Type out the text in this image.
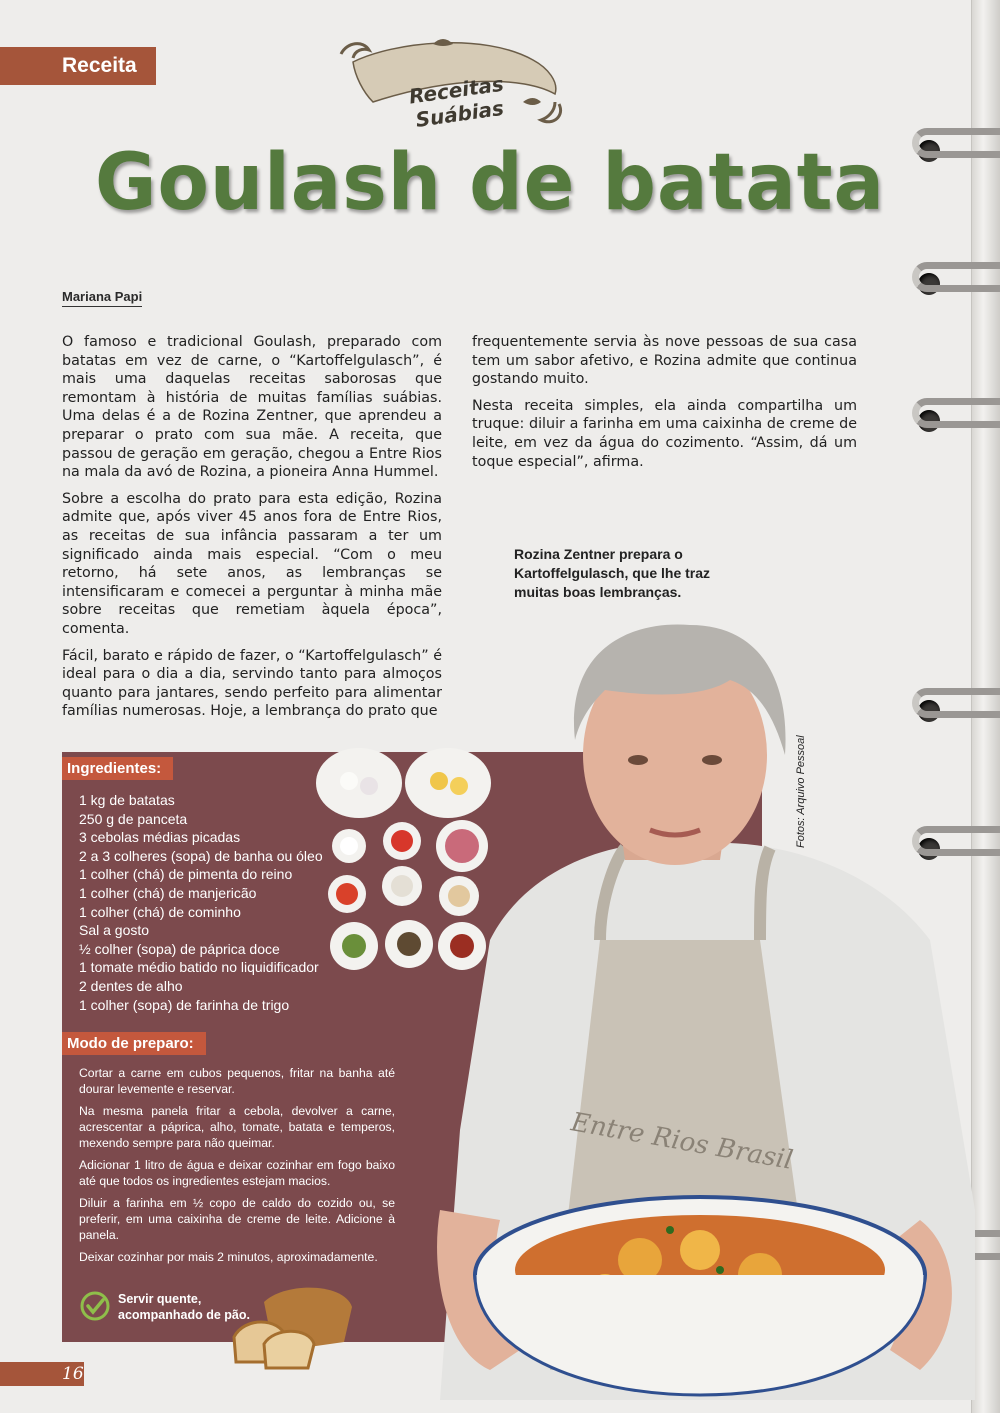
Receita
Receitas Suábias
Goulash de batata
Mariana Papi

O famoso e tradicional Goulash, preparado com batatas em vez de carne, o “Kartoffelgulasch”, é mais uma daquelas receitas saborosas que remontam à história de muitas famílias suábias. Uma delas é a de Rozina Zentner, que aprendeu a preparar o prato com sua mãe. A receita, que passou de geração em geração, chegou a Entre Rios na mala da avó de Rozina, a pioneira Anna Hummel.

Sobre a escolha do prato para esta edição, Rozina admite que, após viver 45 anos fora de Entre Rios, as receitas de sua infância passaram a ter um significado ainda mais especial. “Com o meu retorno, há sete anos, as lembranças se intensificaram e comecei a perguntar à minha mãe sobre receitas que remetiam àquela época”, comenta.

Fácil, barato e rápido de fazer, o “Kartoffelgulasch” é ideal para o dia a dia, servindo tanto para almoços quanto para jantares, sendo perfeito para alimentar famílias numerosas. Hoje, a lembrança do prato que

frequentemente servia às nove pessoas de sua casa tem um sabor afetivo, e Rozina admite que continua gostando muito.

Nesta receita simples, ela ainda compartilha um truque: diluir a farinha em uma caixinha de creme de leite, em vez da água do cozimento. “Assim, dá um toque especial”, afirma.

Entre Rios Brasil
Rozina Zentner prepara o Kartoffelgulasch, que lhe traz muitas boas lembranças.
Fotos: Arquivo Pessoal
Ingredientes:
1 kg de batatas
250 g de panceta
3 cebolas médias picadas
2 a 3 colheres (sopa) de banha ou óleo
1 colher (chá) de pimenta do reino
1 colher (chá) de manjericão
1 colher (chá) de cominho
Sal a gosto
½ colher (sopa) de páprica doce
1 tomate médio batido no liquidificador
2 dentes de alho
1 colher (sopa) de farinha de trigo
Modo de preparo:

Cortar a carne em cubos pequenos, fritar na banha até dourar levemente e reservar.

Na mesma panela fritar a cebola, devolver a carne, acrescentar a páprica, alho, tomate, batata e temperos, mexendo sempre para não queimar.

Adicionar 1 litro de água e deixar cozinhar em fogo baixo até que todos os ingredientes estejam macios.

Diluir a farinha em ½ copo de caldo do cozido ou, se preferir, em uma caixinha de creme de leite. Adicione à panela.

Deixar cozinhar por mais 2 minutos, aproximadamente.

Servir quente, acompanhado de pão.
16
